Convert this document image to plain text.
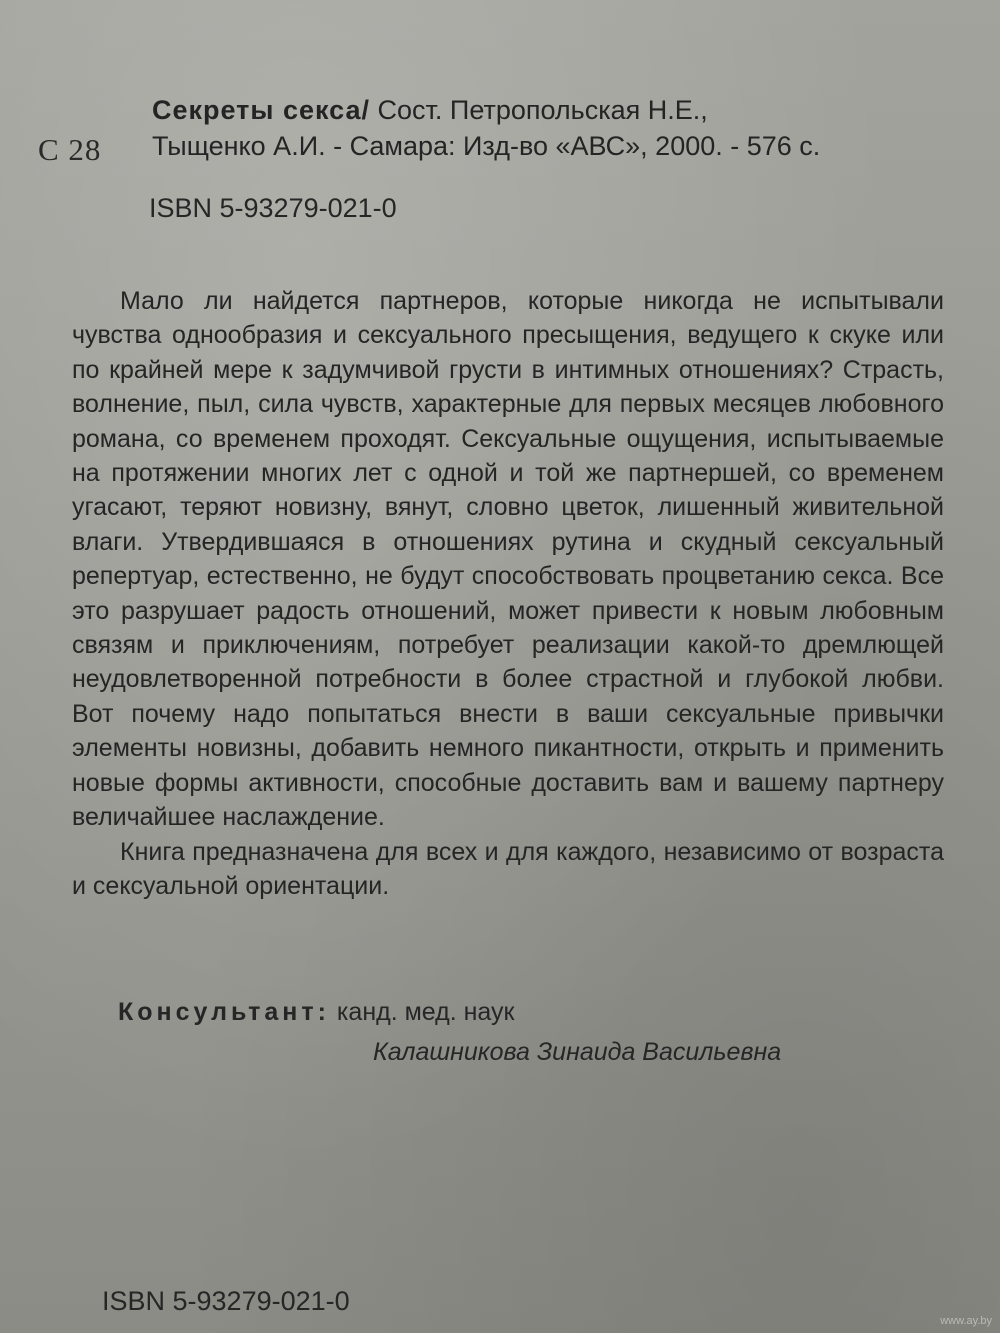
С 28
Секреты секса/ Сост. Петропольская Н.Е.,
Тыщенко А.И. - Самара: Изд-во «АВС», 2000. - 576 с.
ISBN 5-93279-021-0

Мало ли найдется партнеров, которые никогда не испытывали чувства однообразия и сексуального пресыщения, ведущего к скуке или по крайней мере к задумчивой грусти в интимных отношениях? Страсть, волнение, пыл, сила чувств, характерные для первых месяцев любовного романа, со временем проходят. Сексуальные ощущения, испытываемые на протяжении многих лет с одной и той же партнершей, со временем угасают, теряют новизну, вянут, словно цветок, лишенный живительной влаги. Утвердившаяся в отношениях рутина и скудный сексуальный репертуар, естественно, не будут способствовать процветанию секса. Все это разрушает радость отношений, может привести к новым любовным связям и приключениям, потребует реализации какой-то дремлющей неудовлетворенной потребности в более страстной и глубокой любви. Вот почему надо попытаться внести в ваши сексуальные привычки элементы новизны, добавить немного пикантности, открыть и применить новые формы активности, способные доставить вам и вашему партнеру величайшее наслаждение.

Книга предназначена для всех и для каждого, независимо от возраста и сексуальной ориентации.

Консультант: канд. мед. наук
Калашникова Зинаида Васильевна
ISBN 5-93279-021-0
www.ay.by
